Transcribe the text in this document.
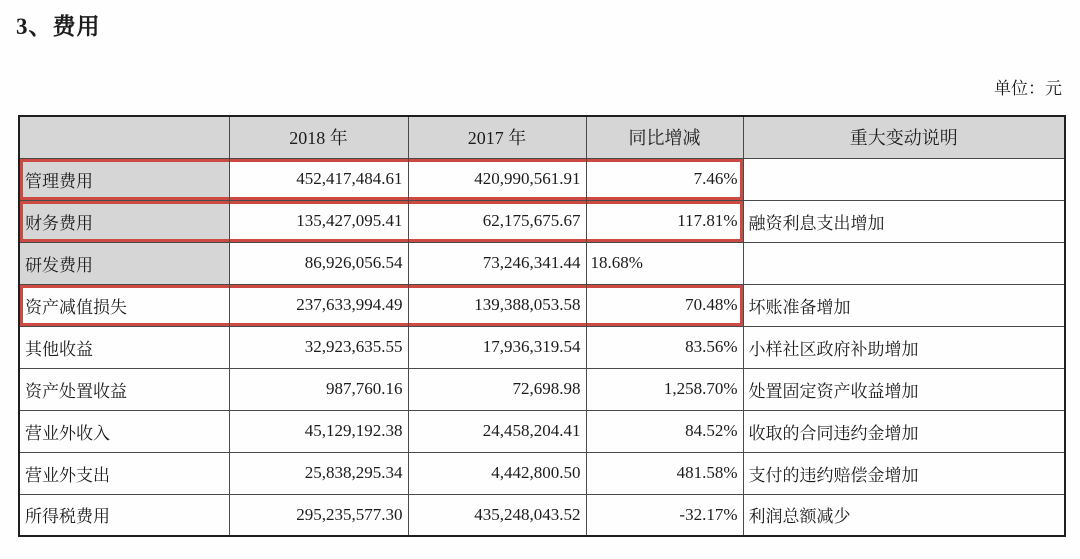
3、费用
单位：元
	2018 年	2017 年	同比增减	重大变动说明
管理费用	452,417,484.61	420,990,561.91	7.46%	
财务费用	135,427,095.41	62,175,675.67	117.81%	融资利息支出增加
研发费用	86,926,056.54	73,246,341.44	18.68%	
资产减值损失	237,633,994.49	139,388,053.58	70.48%	坏账准备增加
其他收益	32,923,635.55	17,936,319.54	83.56%	小样社区政府补助增加
资产处置收益	987,760.16	72,698.98	1,258.70%	处置固定资产收益增加
营业外收入	45,129,192.38	24,458,204.41	84.52%	收取的合同违约金增加
营业外支出	25,838,295.34	4,442,800.50	481.58%	支付的违约赔偿金增加
所得税费用	295,235,577.30	435,248,043.52	-32.17%	利润总额减少
